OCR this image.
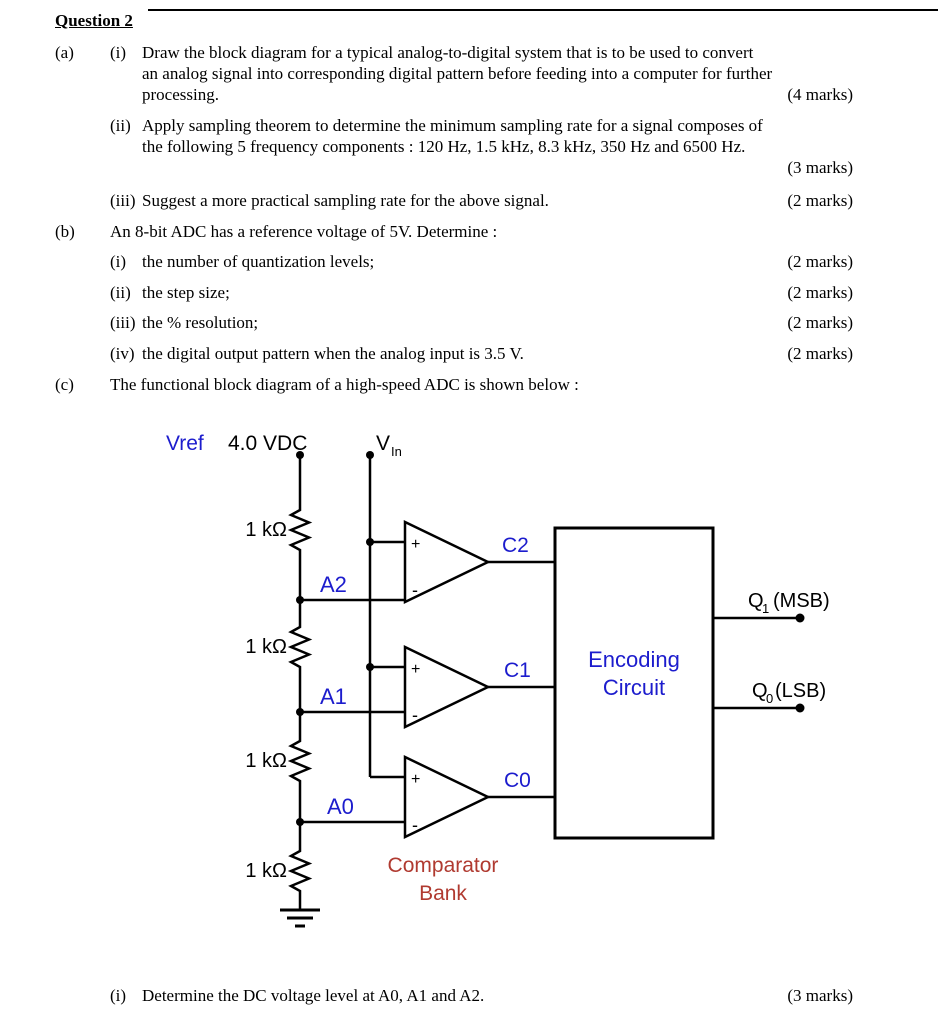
Question 2
(a) (i) Draw the block diagram for a typical analog-to-digital system that is to be used to convert
an analog signal into corresponding digital pattern before feeding into a computer for further
processing.	(4 marks)
(ii) Apply sampling theorem to determine the minimum sampling rate for a signal composes of
the following 5 frequency components : 120 Hz, 1.5 kHz, 8.3 kHz, 350 Hz and 6500 Hz.
(3 marks)
(iii) Suggest a more practical sampling rate for the above signal.	(2 marks)
(b) An 8-bit ADC has a reference voltage of 5V. Determine :
(i) the number of quantization levels;	(2 marks)
(ii) the step size;	(2 marks)
(iii) the % resolution;	(2 marks)
(iv) the digital output pattern when the analog input is 3.5 V.	(2 marks)
(c) The functional block diagram of a high-speed ADC is shown below :
Vref 4.0 VDC	V In
1 kΩ
1 kΩ
1 kΩ
1 kΩ
A2
A1
A0
+
-
+
-
+
-
C2
C1
C0
Encoding
Circuit
Q
1 (MSB)
Q
0 (LSB)
Comparator
Bank
(i) Determine the DC voltage level at A0, A1 and A2.	(3 marks)
